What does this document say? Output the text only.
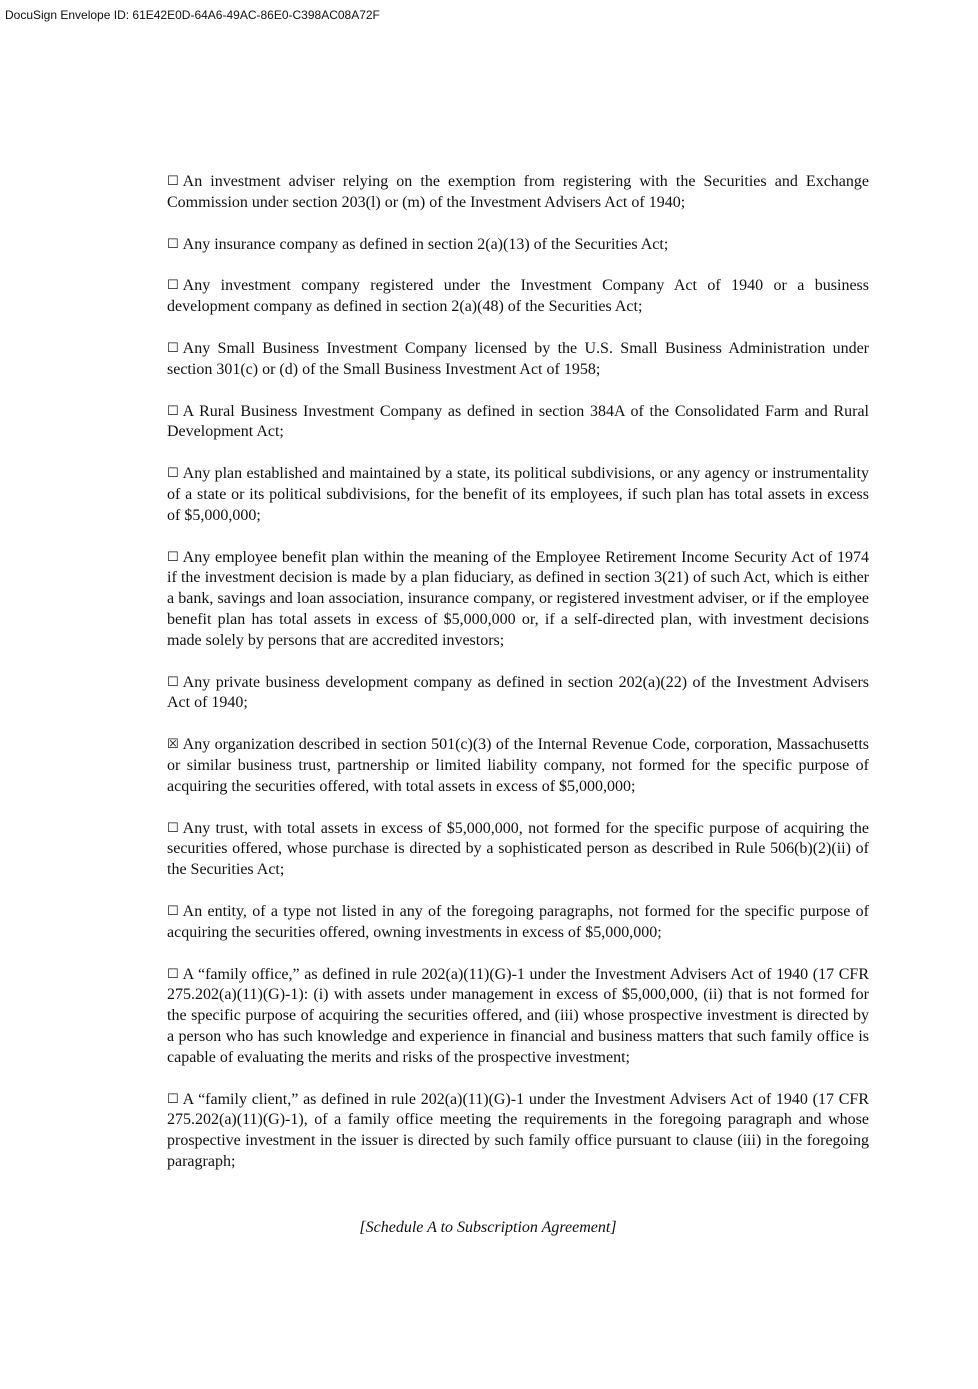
DocuSign Envelope ID: 61E42E0D-64A6-49AC-86E0-C398AC08A72F

☐ An investment adviser relying on the exemption from registering with the Securities and Exchange Commission under section 203(l) or (m) of the Investment Advisers Act of 1940;

☐ Any insurance company as defined in section 2(a)(13) of the Securities Act;

☐ Any investment company registered under the Investment Company Act of 1940 or a business development company as defined in section 2(a)(48) of the Securities Act;

☐ Any Small Business Investment Company licensed by the U.S. Small Business Administration under section 301(c) or (d) of the Small Business Investment Act of 1958;

☐ A Rural Business Investment Company as defined in section 384A of the Consolidated Farm and Rural Development Act;

☐ Any plan established and maintained by a state, its political subdivisions, or any agency or instrumentality of a state or its political subdivisions, for the benefit of its employees, if such plan has total assets in excess of $5,000,000;

☐ Any employee benefit plan within the meaning of the Employee Retirement Income Security Act of 1974 if the investment decision is made by a plan fiduciary, as defined in section 3(21) of such Act, which is either a bank, savings and loan association, insurance company, or registered investment adviser, or if the employee benefit plan has total assets in excess of $5,000,000 or, if a self-directed plan, with investment decisions made solely by persons that are accredited investors;

☐ Any private business development company as defined in section 202(a)(22) of the Investment Advisers Act of 1940;

☒ Any organization described in section 501(c)(3) of the Internal Revenue Code, corporation, Massachusetts or similar business trust, partnership or limited liability company, not formed for the specific purpose of acquiring the securities offered, with total assets in excess of $5,000,000;

☐ Any trust, with total assets in excess of $5,000,000, not formed for the specific purpose of acquiring the securities offered, whose purchase is directed by a sophisticated person as described in Rule 506(b)(2)(ii) of the Securities Act;

☐ An entity, of a type not listed in any of the foregoing paragraphs, not formed for the specific purpose of acquiring the securities offered, owning investments in excess of $5,000,000;

☐ A “family office,” as defined in rule 202(a)(11)(G)-1 under the Investment Advisers Act of 1940 (17 CFR 275.202(a)(11)(G)-1): (i) with assets under management in excess of $5,000,000, (ii) that is not formed for the specific purpose of acquiring the securities offered, and (iii) whose prospective investment is directed by a person who has such knowledge and experience in financial and business matters that such family office is capable of evaluating the merits and risks of the prospective investment;

☐ A “family client,” as defined in rule 202(a)(11)(G)-1 under the Investment Advisers Act of 1940 (17 CFR 275.202(a)(11)(G)-1), of a family office meeting the requirements in the foregoing paragraph and whose prospective investment in the issuer is directed by such family office pursuant to clause (iii) in the foregoing paragraph;

[Schedule A to Subscription Agreement]
